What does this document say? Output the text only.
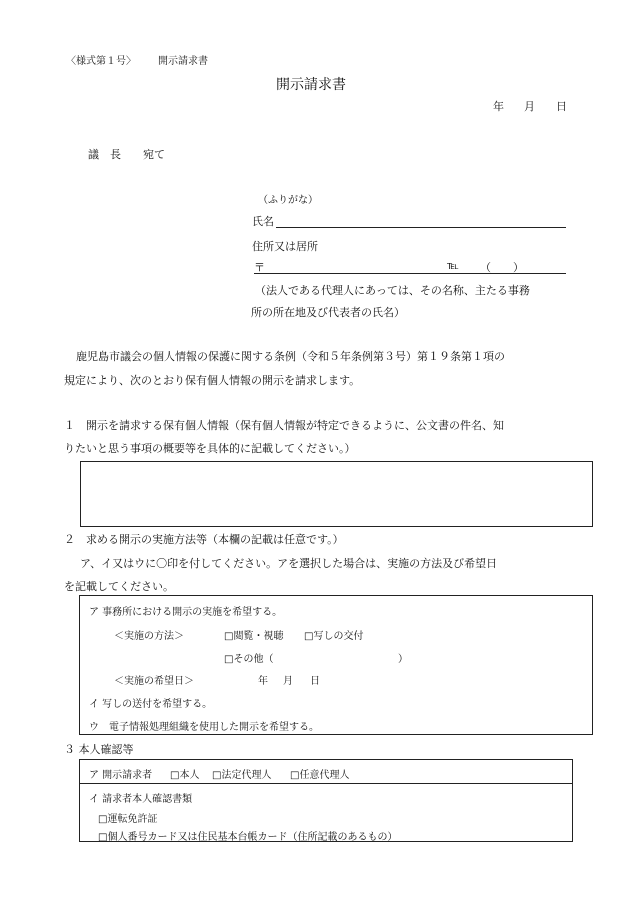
〈様式第１号〉 開示請求書
開示請求書
年 月 日
議　長　　宛て
（ふりがな）
氏名
住所又は居所
〒	℡ （　　）
（法人である代理人にあっては、その名称、主たる事務
所の所在地及び代表者の氏名）
鹿児島市議会の個人情報の保護に関する条例（令和５年条例第３号）第１９条第１項の
規定により、次のとおり保有個人情報の開示を請求します。
１　開示を請求する保有個人情報（保有個人情報が特定できるように、公文書の件名、知
りたいと思う事項の概要等を具体的に記載してください。）
２　求める開示の実施方法等（本欄の記載は任意です。）
ア、イ又はウに〇印を付してください。アを選択した場合は、実施の方法及び希望日
を記載してください。
ア 事務所における開示の実施を希望する。
＜実施の方法＞	□閲覧・視聴 □写しの交付
□その他（	）
＜実施の希望日＞	年 月 日
イ 写しの送付を希望する。
ウ　電子情報処理組織を使用した開示を希望する。
３ 本人確認等
ア 開示請求者 □本人 □法定代理人 □任意代理人
イ 請求者本人確認書類
□運転免許証
□個人番号カード又は住民基本台帳カード（住所記載のあるもの）
